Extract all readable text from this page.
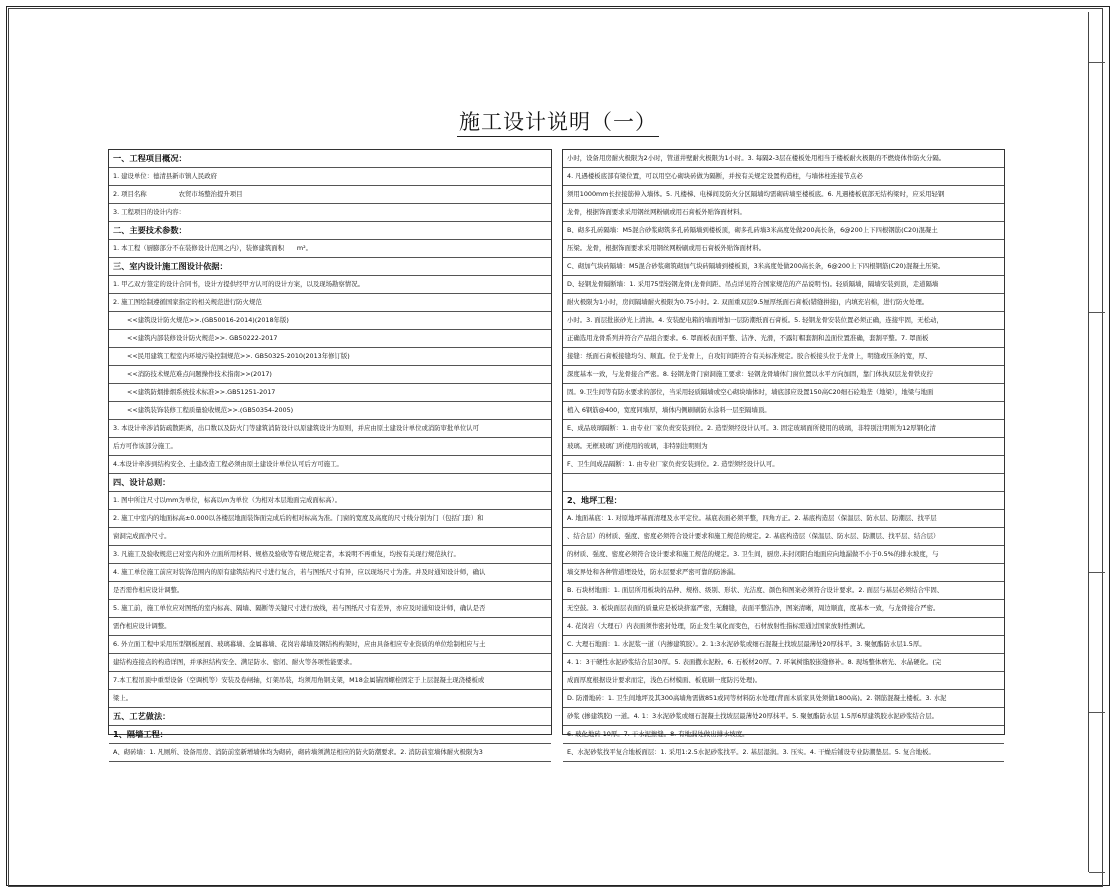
施工设计说明（一）
一、工程项目概况：
1. 建设单位：德清县新市镇人民政府
2. 项目名称　　　　　农贸市场整治提升项目
3. 工程项目的设计内容：
二、主要技术参数：
1. 本工程（厨膨部分不在装修设计范围之内），装修建筑面积　　m²。
三、室内设计施工图设计依据：
1. 甲乙双方签定的设计合同书，设计方提供经甲方认可的设计方案，以及现场勘察情况。
2. 施工图绘制遵循国家指定的相关规范进行防火规范
<<建筑设计防火规范>>.(GB50016-2014)(2018年版)
<<建筑内部装修设计防火规范>>. GB50222-2017
<<民用建筑工程室内环境污染控制规范>>. GB50325-2010(2013年修订版)
<<消防技术规范难点问题操作技术指南>>(2017)
<<建筑防烟排烟系统技术标准>>.GB51251-2017
<<建筑装饰装修工程质量验收规范>>.(GB50354-2005)
3. 本设计牵涉消防疏散距离，出口数以及防火门等建筑消防设计以原建筑设计为原则，并应由原土建设计单位或消防审批单位认可
后方可作该部分施工。
4.本设计牵涉到结构安全、土建改造工程必须由原土建设计单位认可后方可施工。
四、设计总则：
1. 图中所注尺寸以mm为单位，标高以m为单位（为相对本层地面完成面标高）。
2. 施工中室内的地面标高±0.000以各楼层地面装饰面完成后的相对标高为准。门窗的宽度及高度的尺寸线分别为门（包括门套）和
窗洞完成面净尺寸。
3. 凡施工及验收规范已对室内和外立面所用材料、规格及验收等有规范规定者，本说明不再重复，均按有关现行规范执行。
4. 施工单位施工前应对装饰范围内的原有建筑结构尺寸进行复合，若与图纸尺寸有异，应以现场尺寸为准。并及时通知设计师，确认
是否需作相应设计调整。
5. 施工前，施工单位应对图纸的室内标高、隔墙、隔断等关键尺寸进行放线，若与图纸尺寸有差异，亦应及时通知设计师，确认是否
需作相应设计调整。
6. 外立面工程中采用压型钢板屋面、玻璃幕墙、金属幕墙、花岗岩幕墙及钢结构构架时，应由具备相应专业资质的单位绘制相应与土
建结构连接点的构造详图，并承担结构安全、满足防水、密闭、耐火等各项性能要求。
7.本工程吊顶中重型设备（空调机等）安装及卷闸轴，灯架吊装，均须用角钢支架，M18金属锚固螺栓固定于上层混凝土现浇楼板或
梁上。
五、工艺做法：
1、隔墙工程：
A、砌砖墙：1. 凡厕所、设备用房、消防前室新增墙体均为砌砖，砌砖墙须满足相应的防火防潮要求。2. 消防前室墙体耐火极限为3
小时，设备用房耐火极限为2小时，管道井壁耐火极限为1小时。3. 每隔2-3层在楼板处用相当于楼板耐火极限的不燃烧体作防火分隔。
4. 凡遇楼板底部有梁位置，可以用空心砌块砖做为隔断，并按有关规定设置构造柱，与墙体柱连接节点必
须用1000mm长拉接筋伸入墙体。5. 凡楼梯、电梯间及防火分区隔墙均需砌砖墙至楼板底。6. 凡遇楼板底部无结构梁时，应采用轻钢
龙骨，根据饰面要求采用钢丝网粉刷或用石膏板外贴饰面材料。
B、砌多孔砖隔墙：M5混合砂浆砌筑多孔砖隔墙到楼板顶，砌多孔砖墙3米高度处做200高长条，6@200上下四根钢筋(C20)混凝土
压梁。龙骨，根据饰面要求采用钢丝网粉刷或用石膏板外贴饰面材料。
C、砌加气块砖隔墙：M5混合砂浆砌筑砌加气块砖隔墙到楼板顶，3米高度处做200高长条，6@200上下四根钢筋(C20)混凝土压梁。
D、轻钢龙骨隔断墙：1. 采用75型轻钢龙骨(龙骨间距、吊点详见符合国家规范的产品说明书)。轻质隔墙，隔墙安装到顶，走道隔墙
耐火极限为1小时，房间隔墙耐火极限为0.75小时。2. 双面重双层9.5厘厚纸面石膏板(错缝拼接)，内填充岩棉，进行防火处理。
小时。3. 面层批嵌砂光上清油。4. 安装配电箱的墙面增加一层防潮纸面石膏板。5. 轻钢龙骨安装位置必须正确，连接牢固，无松动，
正确选用龙骨系列并符合产品组合要求。6. 罩面板表面平整、洁净、光滑，不露钉帽套割和盖面位置准确，套割平整。7. 罩面板
接缝：纸面石膏板接缝均匀、顺直。位于龙骨上，自攻钉间距符合有关标准规定。胶合板接头位于龙骨上，明缝或压条的宽，厚、
深度基本一致，与龙骨接合严密。8. 轻钢龙骨门窗洞施工要求：轻钢龙骨墙体门窗位置以水平方向加固，靠门体执双层龙骨铁皮拧
固。9.卫生间等有防水要求的部位，当采用轻质隔墙或空心砌块墙体时，墙底部应设置150高C20细石砼地垄（地梁），地梁与地面
植入 6钢筋@400，宽度同墙厚，墙体内侧刷刷防水涂料一层至隔墙顶。
E、成品玻璃隔断：1. 由专业厂家负责安装到位。2. 造型须经设计认可。3. 固定玻璃面所使用的玻璃，非特别注明则为12厚钢化清
玻璃。无框玻璃门所使用的玻璃，非特别注明则为
F、卫生间成品隔断：1. 由专业厂家负责安装到位。2. 造型须经设计认可。
2、地坪工程：
A. 地面基底：1. 对原地坪基面清理及水平定位。基底表面必须平整，四角方正。2. 基底构造层（保温层、防水层、防潮层、找平层
、结合层）的材质、强度、密度必须符合设计要求和施工规范的规定。2. 基底构造层（保温层、防水层、防潮层、找平层、结合层）
的材质、强度、密度必须符合设计要求和施工规范的规定。3. 卫生间，厨房,未封闭阳台地面应向地漏做不小于0.5%的排水坡度，与
墙交界处和各种管道埋设处，防水层要求严密可靠的防渗漏。
B. 石块材地面：1. 面层所用板块的品种、规格、级别、形状、光洁度、颜色和图案必须符合设计要求。2. 面层与基层必须结合牢固、
无空鼓。3. 板块面层表面的质量应是板块挤塞严密，无翻缝，表面平整洁净，图案清晰，周边顺直，度基本一致，与龙骨接合严密。
4. 花岗岩（大理石）内表面须作密封处理，防止发生氧化而变色，石材放射性指标需通过国家放射性测试。
C. 大理石地面：1. 水泥浆一道（内掺建筑胶）。2. 1:3水泥砂浆或细石混凝土找坡层最薄处20厚抹平。3. 聚氨酯防水层1.5厚。
4. 1：3干硬性水泥砂浆结合层30厚。5. 表面撒水泥粉。6. 石板材20厚。7. 环氧树脂胶嵌缝修补。8. 现场整体磨光、水晶硬化。(完
成面厚度根据设计要求而定，浅色石材模面、板底刷一度防污处理)。
D. 防滑地砖：1. 卫生间地坪及其300高墙角需做851或同等材料防水处理(背面木质家具处须做1800高)。2. 钢筋混凝土楼板。3. 水泥
砂浆 (掺建筑胶) 一道。4. 1：3水泥砂浆或细石混凝土找坡层最薄处20厚抹平。5. 聚氨酯防水层 1.5厚6厚建筑胶水泥砂浆结合层。
6. 玻化地砖 10厚。7. 干水泥擦缝。8. 有地漏处做出排水坡度。
E、水泥砂浆找平复合地板面层：1. 采用1:2.5水泥砂浆找平。2. 基层湿润。3. 压实。4. 干燥后铺设专业防潮垫层。5. 复合地板。
